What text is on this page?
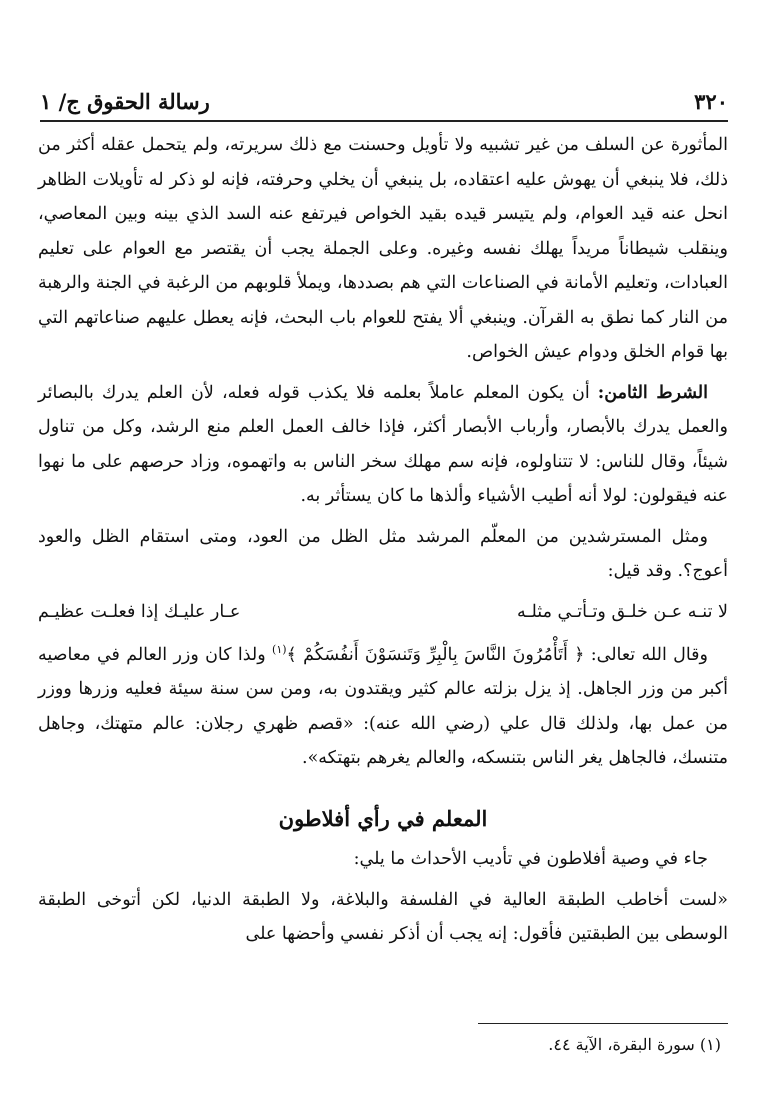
٣٢٠
رسالة الحقوق ج/ ١

المأثورة عن السلف من غير تشبيه ولا تأويل وحسنت مع ذلك سريرته، ولم يتحمل عقله أكثر من ذلك، فلا ينبغي أن يهوش عليه اعتقاده، بل ينبغي أن يخلي وحرفته، فإنه لو ذكر له تأويلات الظاهر انحل عنه قيد العوام، ولم يتيسر قيده بقيد الخواص فيرتفع عنه السد الذي بينه وبين المعاصي، وينقلب شيطاناً مريداً يهلك نفسه وغيره. وعلى الجملة يجب أن يقتصر مع العوام على تعليم العبادات، وتعليم الأمانة في الصناعات التي هم بصددها، ويملأ قلوبهم من الرغبة في الجنة والرهبة من النار كما نطق به القرآن. وينبغي ألا يفتح للعوام باب البحث، فإنه يعطل عليهم صناعاتهم التي بها قوام الخلق ودوام عيش الخواص.

الشرط الثامن: أن يكون المعلم عاملاً بعلمه فلا يكذب قوله فعله، لأن العلم يدرك بالبصائر والعمل يدرك بالأبصار، وأرباب الأبصار أكثر، فإذا خالف العمل العلم منع الرشد، وكل من تناول شيئاً، وقال للناس: لا تتناولوه، فإنه سم مهلك سخر الناس به واتهموه، وزاد حرصهم على ما نهوا عنه فيقولون: لولا أنه أطيب الأشياء وألذها ما كان يستأثر به.

ومثل المسترشدين من المعلّم المرشد مثل الظل من العود، ومتى استقام الظل والعود أعوج؟. وقد قيل:

لا تنـه عـن خلـق وتـأتـي مثلـه
عـار عليـك إذا فعلـت عظيـم

وقال الله تعالى: ﴿ أَتَأْمُرُونَ النَّاسَ بِالْبِرِّ وَتَنسَوْنَ أَنفُسَكُمْ ﴾$^{(١)}$ ولذا كان وزر العالم في معاصيه أكبر من وزر الجاهل. إذ يزل بزلته عالم كثير ويقتدون به، ومن سن سنة سيئة فعليه وزرها ووزر من عمل بها، ولذلك قال علي (رضي الله عنه): «قصم ظهري رجلان: عالم متهتك، وجاهل متنسك، فالجاهل يغر الناس بتنسكه، والعالم يغرهم بتهتكه».

المعلم في رأي أفلاطون

جاء في وصية أفلاطون في تأديب الأحداث ما يلي:

«لست أخاطب الطبقة العالية في الفلسفة والبلاغة، ولا الطبقة الدنيا، لكن أتوخى الطبقة الوسطى بين الطبقتين فأقول: إنه يجب أن أذكر نفسي وأحضها على

(١) سورة البقرة، الآية ٤٤.
